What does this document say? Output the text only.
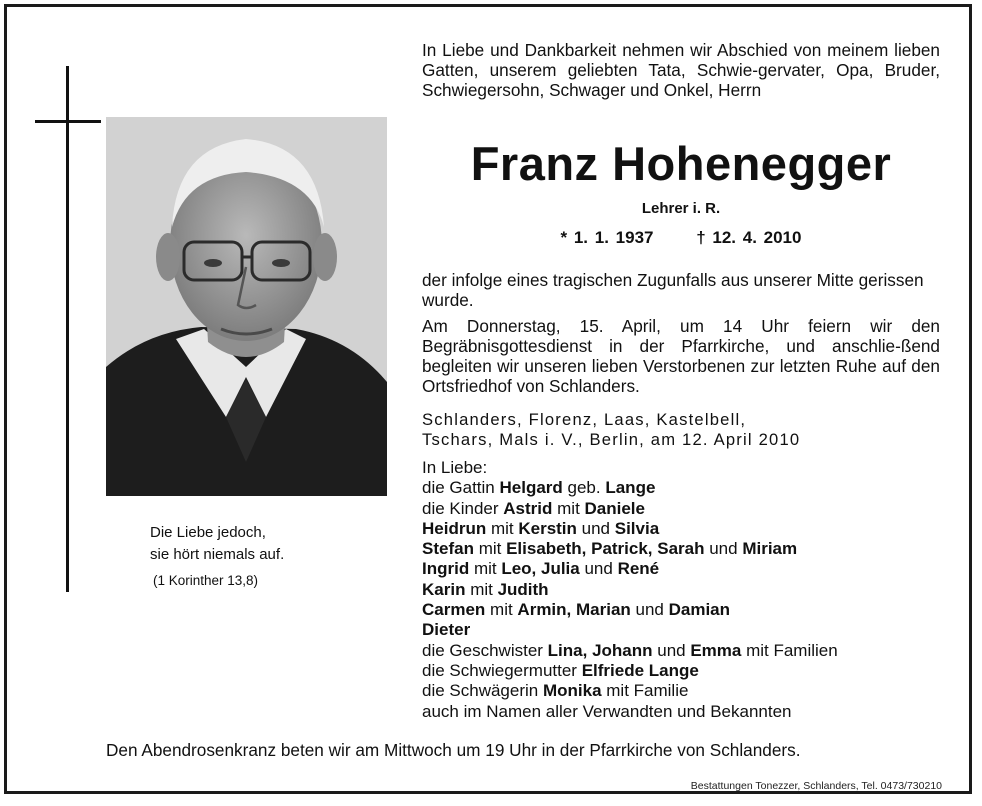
Die Liebe jedoch,
sie hört niemals auf.
(1 Korinther 13,8)
In Liebe und Dankbarkeit nehmen wir Abschied von meinem lieben Gatten, unserem geliebten Tata, Schwie-gervater, Opa, Bruder, Schwiegersohn, Schwager und Onkel, Herrn
Franz Hohenegger
Lehrer i. R.
* 1. 1. 1937	† 12. 4. 2010
der infolge eines tragischen Zugunfalls aus unserer Mitte gerissen wurde.
Am Donnerstag, 15. April, um 14 Uhr feiern wir den Begräbnisgottesdienst in der Pfarrkirche, und anschlie-ßend begleiten wir unseren lieben Verstorbenen zur letzten Ruhe auf den Ortsfriedhof von Schlanders.
Schlanders, Florenz, Laas, Kastelbell,
Tschars, Mals i. V., Berlin, am 12. April 2010
In Liebe:
die Gattin Helgard geb. Lange
die Kinder Astrid mit Daniele
Heidrun mit Kerstin und Silvia
Stefan mit Elisabeth, Patrick, Sarah und Miriam
Ingrid mit Leo, Julia und René
Karin mit Judith
Carmen mit Armin, Marian und Damian
Dieter
die Geschwister Lina, Johann und Emma mit Familien
die Schwiegermutter Elfriede Lange
die Schwägerin Monika mit Familie
auch im Namen aller Verwandten und Bekannten
Den Abendrosenkranz beten wir am Mittwoch um 19 Uhr in der Pfarrkirche von Schlanders.
Bestattungen Tonezzer, Schlanders, Tel. 0473/730210
